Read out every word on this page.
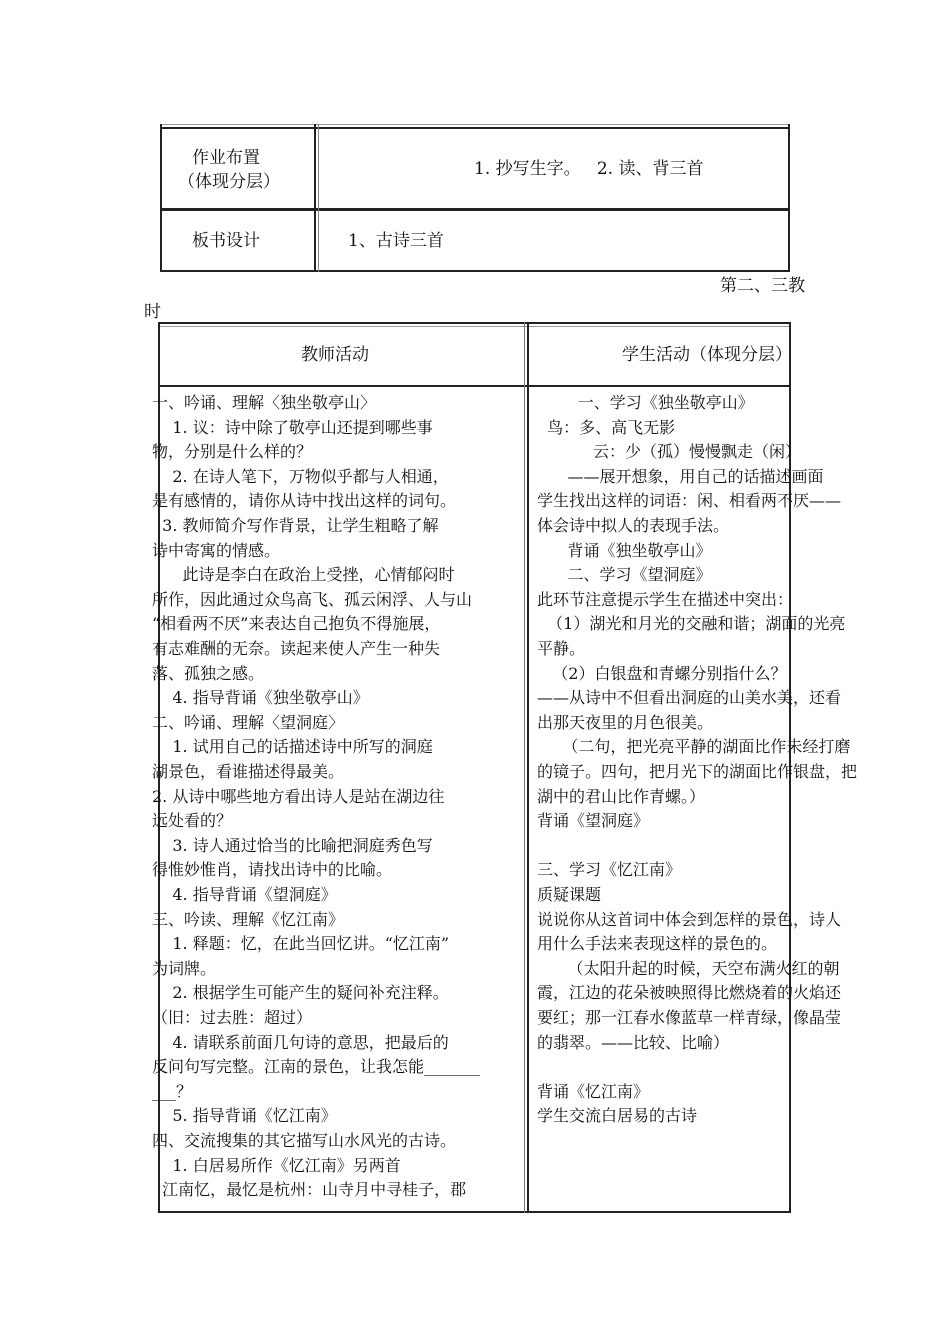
作业布置
（体现分层）
1. 抄写生字。   2. 读、背三首
板书设计	1、古诗三首
第二、三教
时
教师活动	学生活动（体现分层）
一、吟诵、理解〈独坐敬亭山〉
1. 议：诗中除了敬亭山还提到哪些事
物，分别是什么样的？
2. 在诗人笔下，万物似乎都与人相通，
是有感情的，请你从诗中找出这样的词句。
3. 教师简介写作背景，让学生粗略了解
诗中寄寓的情感。
此诗是李白在政治上受挫，心情郁闷时
所作，因此通过众鸟高飞、孤云闲浮、人与山
“相看两不厌”来表达自己抱负不得施展，
有志难酬的无奈。读起来使人产生一种失
落、孤独之感。
4. 指导背诵《独坐敬亭山》
二、吟诵、理解〈望洞庭〉
1. 试用自己的话描述诗中所写的洞庭
湖景色，看谁描述得最美。
2. 从诗中哪些地方看出诗人是站在湖边往
远处看的？
3. 诗人通过恰当的比喻把洞庭秀色写
得惟妙惟肖，请找出诗中的比喻。
4. 指导背诵《望洞庭》
三、吟读、理解《忆江南》
1. 释题：忆，在此当回忆讲。“忆江南”
为词牌。
2. 根据学生可能产生的疑问补充注释。
（旧：过去胜：超过）
4. 请联系前面几句诗的意思，把最后的
反问句写完整。江南的景色，让我怎能_______
___？
5. 指导背诵《忆江南》
四、交流搜集的其它描写山水风光的古诗。
1. 白居易所作《忆江南》另两首
江南忆，最忆是杭州：山寺月中寻桂子，郡
一、学习《独坐敬亭山》
鸟：多、高飞无影
云：少（孤）慢慢飘走（闲）
——展开想象，用自己的话描述画面
学生找出这样的词语：闲、相看两不厌——
体会诗中拟人的表现手法。
背诵《独坐敬亭山》
二、学习《望洞庭》
此环节注意提示学生在描述中突出：
（1）湖光和月光的交融和谐；湖面的光亮
平静。
（2）白银盘和青螺分别指什么？
——从诗中不但看出洞庭的山美水美，还看
出那天夜里的月色很美。
（二句，把光亮平静的湖面比作未经打磨
的镜子。四句，把月光下的湖面比作银盘，把
湖中的君山比作青螺。）
背诵《望洞庭》
三、学习《忆江南》
质疑课题
说说你从这首词中体会到怎样的景色，诗人
用什么手法来表现这样的景色的。
（太阳升起的时候，天空布满火红的朝
霞，江边的花朵被映照得比燃烧着的火焰还
要红；那一江春水像蓝草一样青绿，像晶莹
的翡翠。——比较、比喻）
背诵《忆江南》
学生交流白居易的古诗
